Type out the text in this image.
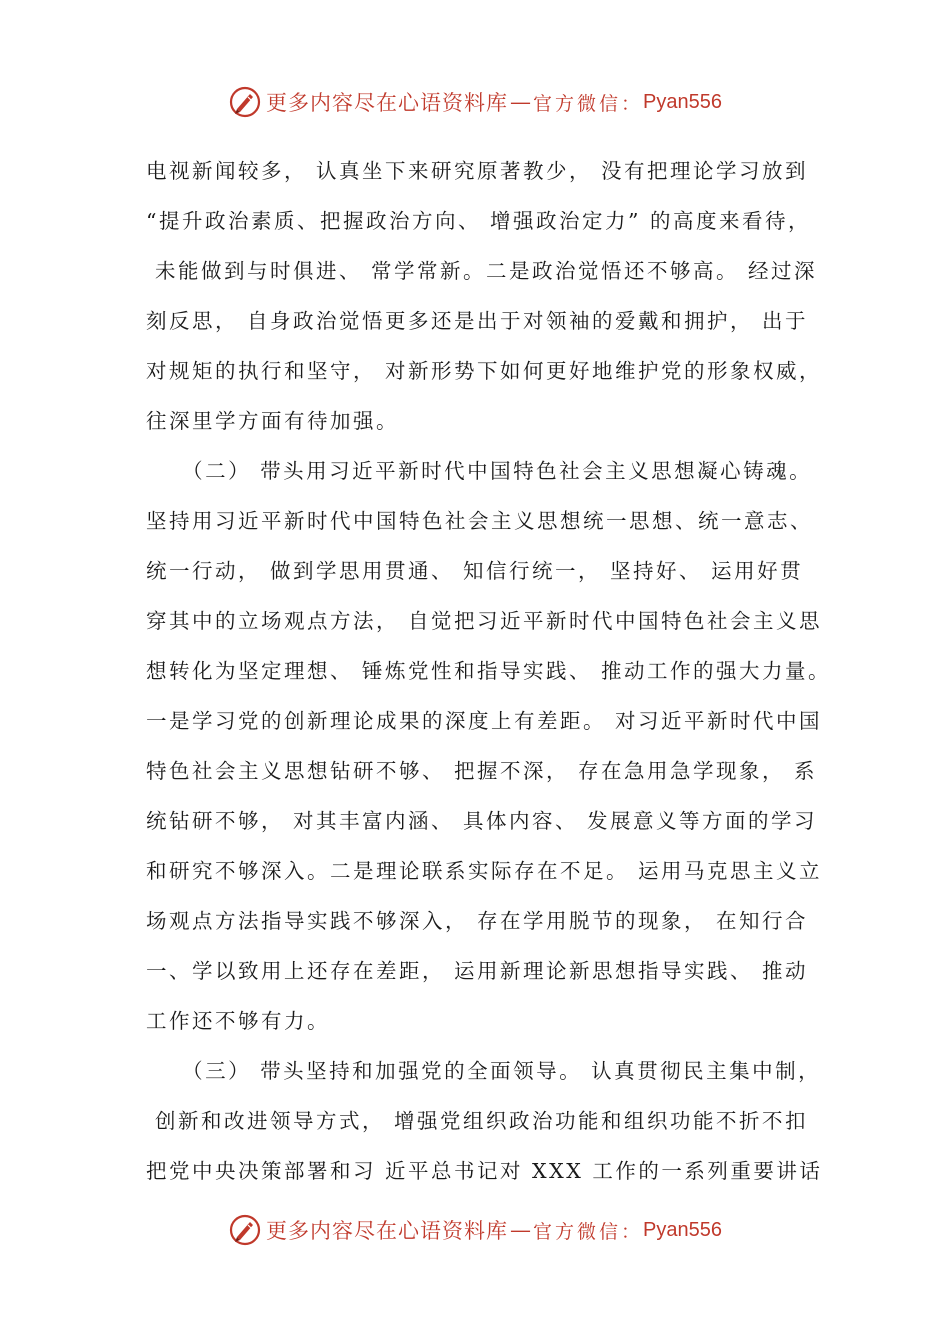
更多内容尽在心语资料库 — 官方微信： Pyan556
电视新闻较多， 认真坐下来研究原著教少， 没有把理论学习放到
“提升政治素质、把握政治方向、 增强政治定力” 的高度来看待，
未能做到与时俱进、 常学常新。二是政治觉悟还不够高。 经过深
刻反思， 自身政治觉悟更多还是出于对领袖的爱戴和拥护， 出于
对规矩的执行和坚守， 对新形势下如何更好地维护党的形象权威，
往深里学方面有待加强。
（二） 带头用习近平新时代中国特色社会主义思想凝心铸魂。
坚持用习近平新时代中国特色社会主义思想统一思想、统一意志、
统一行动， 做到学思用贯通、 知信行统一， 坚持好、 运用好贯
穿其中的立场观点方法， 自觉把习近平新时代中国特色社会主义思
想转化为坚定理想、 锤炼党性和指导实践、 推动工作的强大力量。
一是学习党的创新理论成果的深度上有差距。 对习近平新时代中国
特色社会主义思想钻研不够、 把握不深， 存在急用急学现象， 系
统钻研不够， 对其丰富内涵、 具体内容、 发展意义等方面的学习
和研究不够深入。二是理论联系实际存在不足。 运用马克思主义立
场观点方法指导实践不够深入， 存在学用脱节的现象， 在知行合
一、学以致用上还存在差距， 运用新理论新思想指导实践、 推动
工作还不够有力。
（三） 带头坚持和加强党的全面领导。 认真贯彻民主集中制，
创新和改进领导方式， 增强党组织政治功能和组织功能不折不扣
把党中央决策部署和习 近平总书记对 XXX 工作的一系列重要讲话
更多内容尽在心语资料库 — 官方微信： Pyan556
